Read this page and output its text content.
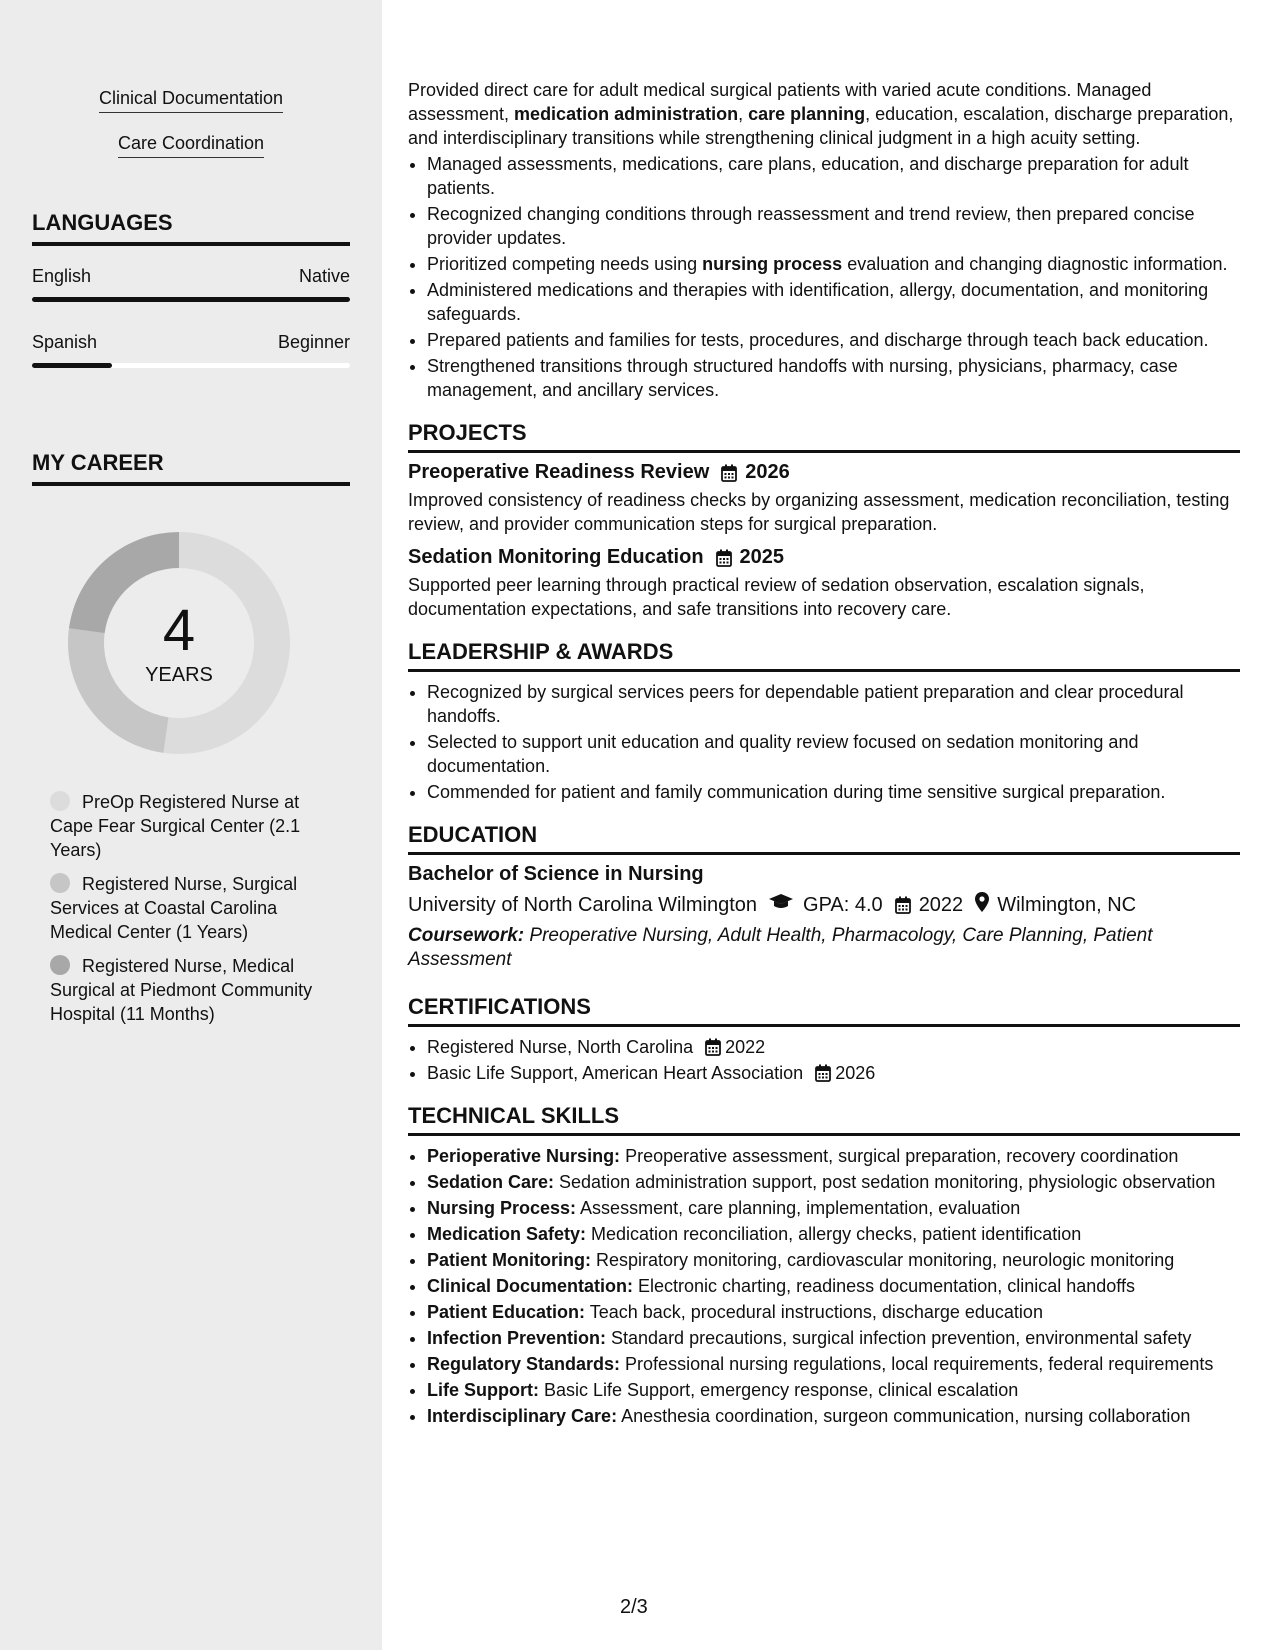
Clinical Documentation
Care Coordination
LANGUAGES
English	Native
Spanish	Beginner
MY CAREER
4
YEARS
PreOp Registered Nurse at Cape Fear Surgical Center (2.1 Years)
Registered Nurse, Surgical Services at Coastal Carolina Medical Center (1 Years)
Registered Nurse, Medical Surgical at Piedmont Community Hospital (11 Months)

Provided direct care for adult medical surgical patients with varied acute conditions. Managed assessment, medication administration, care planning, education, escalation, discharge preparation, and interdisciplinary transitions while strengthening clinical judgment in a high acuity setting.

• Managed assessments, medications, care plans, education, and discharge preparation for adult patients.
• Recognized changing conditions through reassessment and trend review, then prepared concise provider updates.
• Prioritized competing needs using nursing process evaluation and changing diagnostic information.
• Administered medications and therapies with identification, allergy, documentation, and monitoring safeguards.
• Prepared patients and families for tests, procedures, and discharge through teach back education.
• Strengthened transitions through structured handoffs with nursing, physicians, pharmacy, case management, and ancillary services.
PROJECTS
Preoperative Readiness Review 2026
Improved consistency of readiness checks by organizing assessment, medication reconciliation, testing review, and provider communication steps for surgical preparation.
Sedation Monitoring Education 2025
Supported peer learning through practical review of sedation observation, escalation signals, documentation expectations, and safe transitions into recovery care.
LEADERSHIP & AWARDS
• Recognized by surgical services peers for dependable patient preparation and clear procedural handoffs.
• Selected to support unit education and quality review focused on sedation monitoring and documentation.
• Commended for patient and family communication during time sensitive surgical preparation.
EDUCATION
Bachelor of Science in Nursing
University of North Carolina Wilmington GPA: 4.0 2022 Wilmington, NC
Coursework: Preoperative Nursing, Adult Health, Pharmacology, Care Planning, Patient Assessment
CERTIFICATIONS
• Registered Nurse, North Carolina 2022
• Basic Life Support, American Heart Association 2026
TECHNICAL SKILLS
• Perioperative Nursing: Preoperative assessment, surgical preparation, recovery coordination
• Sedation Care: Sedation administration support, post sedation monitoring, physiologic observation
• Nursing Process: Assessment, care planning, implementation, evaluation
• Medication Safety: Medication reconciliation, allergy checks, patient identification
• Patient Monitoring: Respiratory monitoring, cardiovascular monitoring, neurologic monitoring
• Clinical Documentation: Electronic charting, readiness documentation, clinical handoffs
• Patient Education: Teach back, procedural instructions, discharge education
• Infection Prevention: Standard precautions, surgical infection prevention, environmental safety
• Regulatory Standards: Professional nursing regulations, local requirements, federal requirements
• Life Support: Basic Life Support, emergency response, clinical escalation
• Interdisciplinary Care: Anesthesia coordination, surgeon communication, nursing collaboration
2/3
